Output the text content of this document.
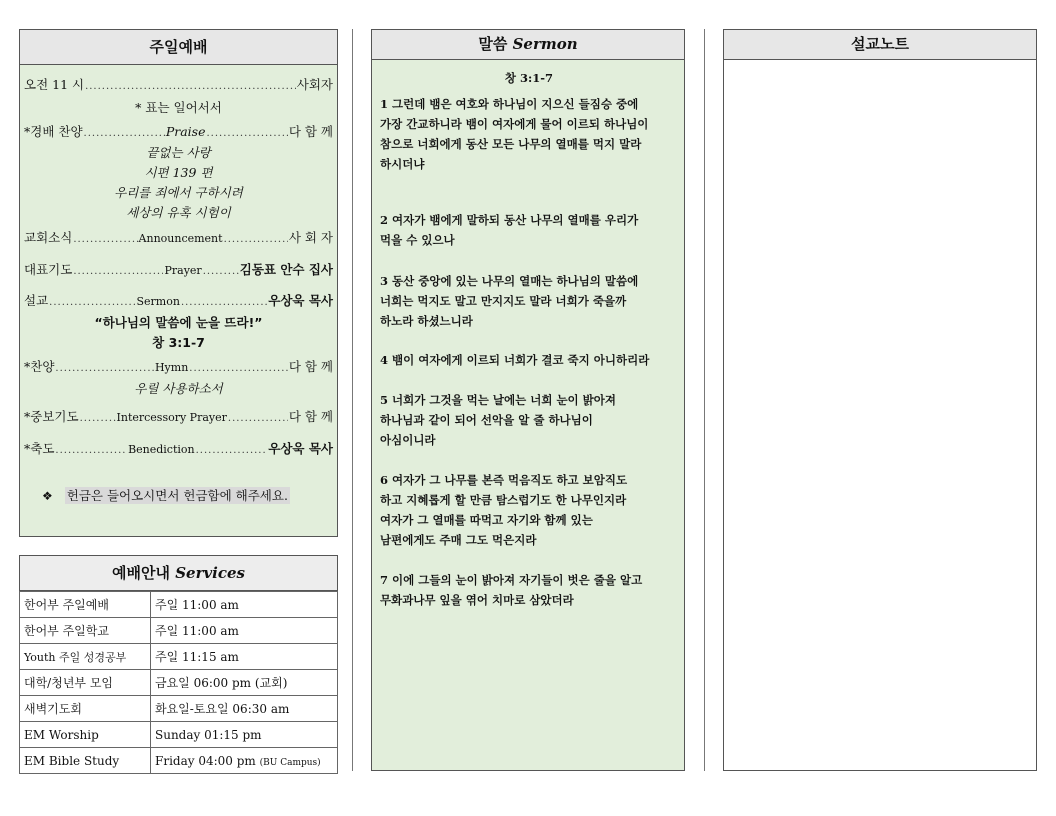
주일예배
오전 11 시 .....	사회자
* 표는 일어서서
*경배 찬양 .....	Praise .....	다 함 께
끝없는 사랑
시편 139 편
우리를 죄에서 구하시려
세상의 유혹 시험이
교회소식 .....	Announcement .....	사 회 자
대표기도 .....	Prayer .....	김동표 안수 집사
설교 .....	Sermon .....	우상욱 목사
“하나님의 말씀에 눈을 뜨라!”
창 3:1-7
*찬양 .....	Hymn .....	다 함 께
우릴 사용하소서
*중보기도 .....	Intercessory Prayer .....	다 함 께
*축도 .....	Benediction .....	우상욱 목사
❖ 헌금은 들어오시면서 헌금함에 해주세요.
예배안내 Services
한어부 주일예배	주일 11:00 am
한어부 주일학교	주일 11:00 am
Youth 주일 성경공부	주일 11:15 am
대학/청년부 모임	금요일 06:00 pm (교회)
새벽기도회	화요일-토요일 06:30 am
EM Worship	Sunday 01:15 pm
EM Bible Study	Friday 04:00 pm (BU Campus)
말씀 Sermon
창 3:1-7
1 그런데 뱀은 여호와 하나님이 지으신 들짐승 중에
가장 간교하니라 뱀이 여자에게 물어 이르되 하나님이
참으로 너희에게 동산 모든 나무의 열매를 먹지 말라
하시더냐
2 여자가 뱀에게 말하되 동산 나무의 열매를 우리가
먹을 수 있으나
3 동산 중앙에 있는 나무의 열매는 하나님의 말씀에
너희는 먹지도 말고 만지지도 말라 너희가 죽을까
하노라 하셨느니라
4 뱀이 여자에게 이르되 너희가 결코 죽지 아니하리라
5 너희가 그것을 먹는 날에는 너희 눈이 밝아져
하나님과 같이 되어 선악을 알 줄 하나님이
아심이니라
6 여자가 그 나무를 본즉 먹음직도 하고 보암직도
하고 지혜롭게 할 만큼 탐스럽기도 한 나무인지라
여자가 그 열매를 따먹고 자기와 함께 있는
남편에게도 주매 그도 먹은지라
7 이에 그들의 눈이 밝아져 자기들이 벗은 줄을 알고
무화과나무 잎을 엮어 치마로 삼았더라
설교노트
